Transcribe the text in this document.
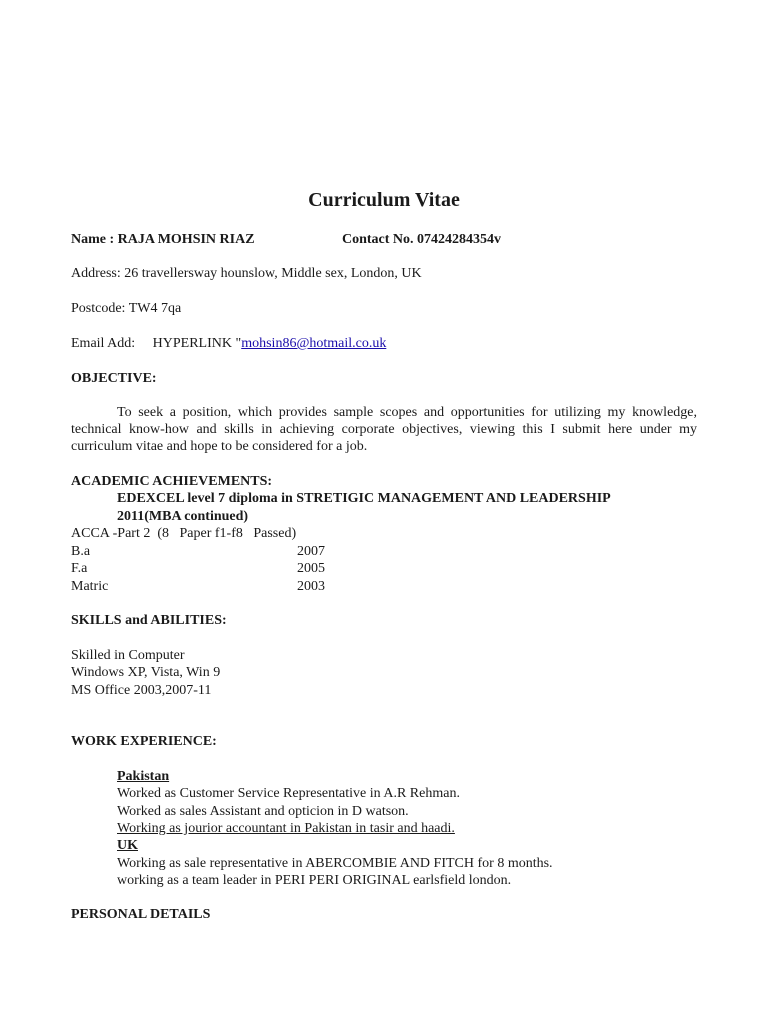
Curriculum Vitae
Name : RAJA MOHSIN RIAZ	Contact No. 07424284354v
Address: 26 travellersway hounslow, Middle sex, London, UK
Postcode: TW4 7qa
Email Add:     HYPERLINK "mohsin86@hotmail.co.uk
OBJECTIVE:
To seek a position, which provides sample scopes and opportunities for utilizing my knowledge, technical know-how and skills in achieving corporate objectives, viewing this I submit here under my curriculum vitae and hope to be considered for a job.
ACADEMIC ACHIEVEMENTS:
EDEXCEL level 7 diploma in STRETIGIC MANAGEMENT AND LEADERSHIP
2011(MBA continued)
ACCA -Part 2  (8   Paper f1-f8   Passed)
B.a	2007
F.a	2005
Matric	2003
SKILLS and ABILITIES:
Skilled in Computer
Windows XP, Vista, Win 9
MS Office 2003,2007-11
WORK EXPERIENCE:
Pakistan
Worked as Customer Service Representative in A.R Rehman.
Worked as sales Assistant and opticion in D watson.
Working as jourior accountant in Pakistan in tasir and haadi.
UK
Working as sale representative in ABERCOMBIE AND FITCH for 8 months.
working as a team leader in PERI PERI ORIGINAL earlsfield london.
PERSONAL DETAILS
